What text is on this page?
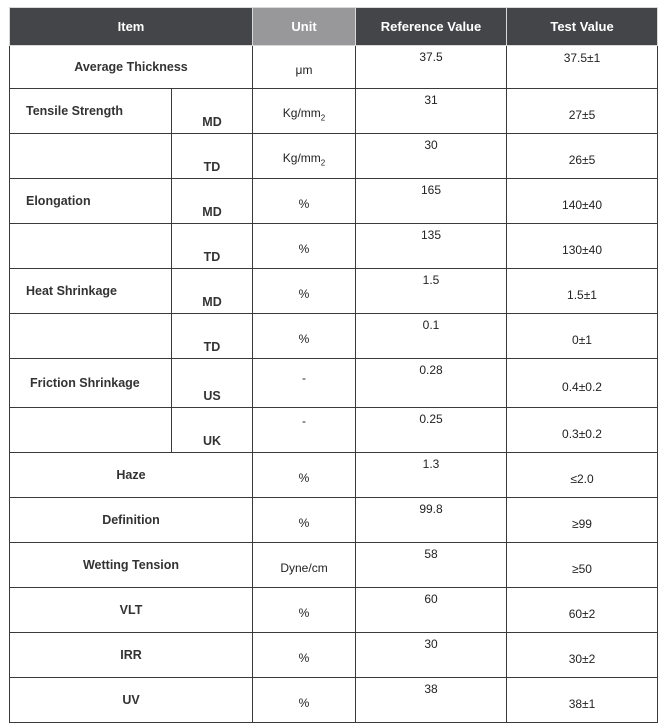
Item		Unit	Reference Value	Test Value
Average Thickness		μm	37.5	37.5±1
Tensile Strength	MD	$Kg/mm_2$	31	27±5
	TD	$Kg/mm_2$	30	26±5
Elongation	MD	%	165	140±40
	TD	%	135	130±40
Heat Shrinkage	MD	%	1.5	1.5±1
	TD	%	0.1	0±1
Friction Shrinkage	US	-	0.28	0.4±0.2
	UK	-	0.25	0.3±0.2
Haze		%	1.3	≤2.0
Definition		%	99.8	≥99
Wetting Tension		Dyne/cm	58	≥50
VLT		%	60	60±2
IRR		%	30	30±2
UV		%	38	38±1
